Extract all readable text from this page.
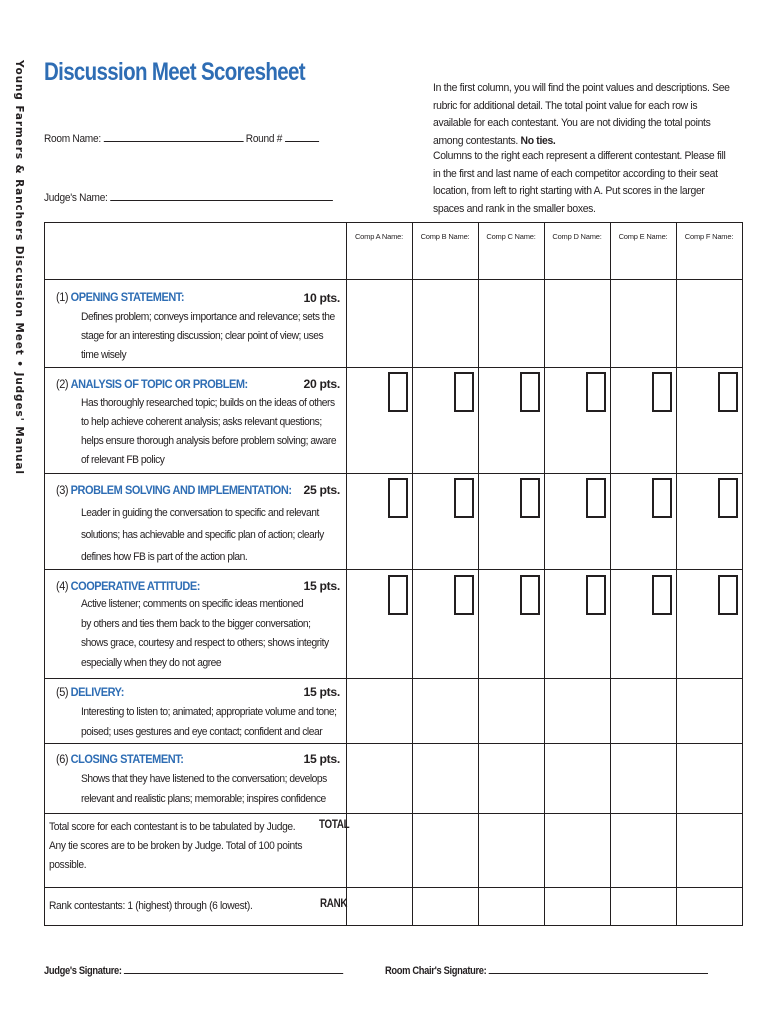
Young Farmers & Ranchers Discussion Meet • Judges' Manual Discussion Meet Scoresheet
In the first column, you will find the point values and descriptions. See rubric for additional detail. The total point value for each row is available for each contestant. You are not dividing the total points among contestants. No ties.
Columns to the right each represent a different contestant. Please fill in the first and last name of each competitor according to their seat location, from left to right starting with A. Put scores in the larger spaces and rank in the smaller boxes.
Room Name:	Round #
Judge's Name:
Comp A Name:	Comp B Name:	Comp C Name:	Comp D Name:	Comp E Name:	Comp F Name:
(1) OPENING STATEMENT:	10 pts.
Defines problem; conveys importance and relevance; sets the
stage for an interesting discussion; clear point of view; uses
time wisely
(2) ANALYSIS OF TOPIC OR PROBLEM:	20 pts.
Has thoroughly researched topic; builds on the ideas of others
to help achieve coherent analysis; asks relevant questions;
helps ensure thorough analysis before problem solving; aware
of relevant FB policy
(3) PROBLEM SOLVING AND IMPLEMENTATION: 25 pts.
Leader in guiding the conversation to specific and relevant
solutions; has achievable and specific plan of action; clearly
defines how FB is part of the action plan.
(4) COOPERATIVE ATTITUDE:	15 pts.
Active listener; comments on specific ideas mentioned
by others and ties them back to the bigger conversation;
shows grace, courtesy and respect to others; shows integrity
especially when they do not agree
(5) DELIVERY:	15 pts.
Interesting to listen to; animated; appropriate volume and tone;
poised; uses gestures and eye contact; confident and clear
(6) CLOSING STATEMENT:	15 pts.
Shows that they have listened to the conversation; develops
relevant and realistic plans; memorable; inspires confidence
Total score for each contestant is to be tabulated by Judge.
Any tie scores are to be broken by Judge. Total of 100 points
possible.
TOTAL
Rank contestants: 1 (highest) through (6 lowest).	RANK
Judge's Signature:	Room Chair's Signature:
